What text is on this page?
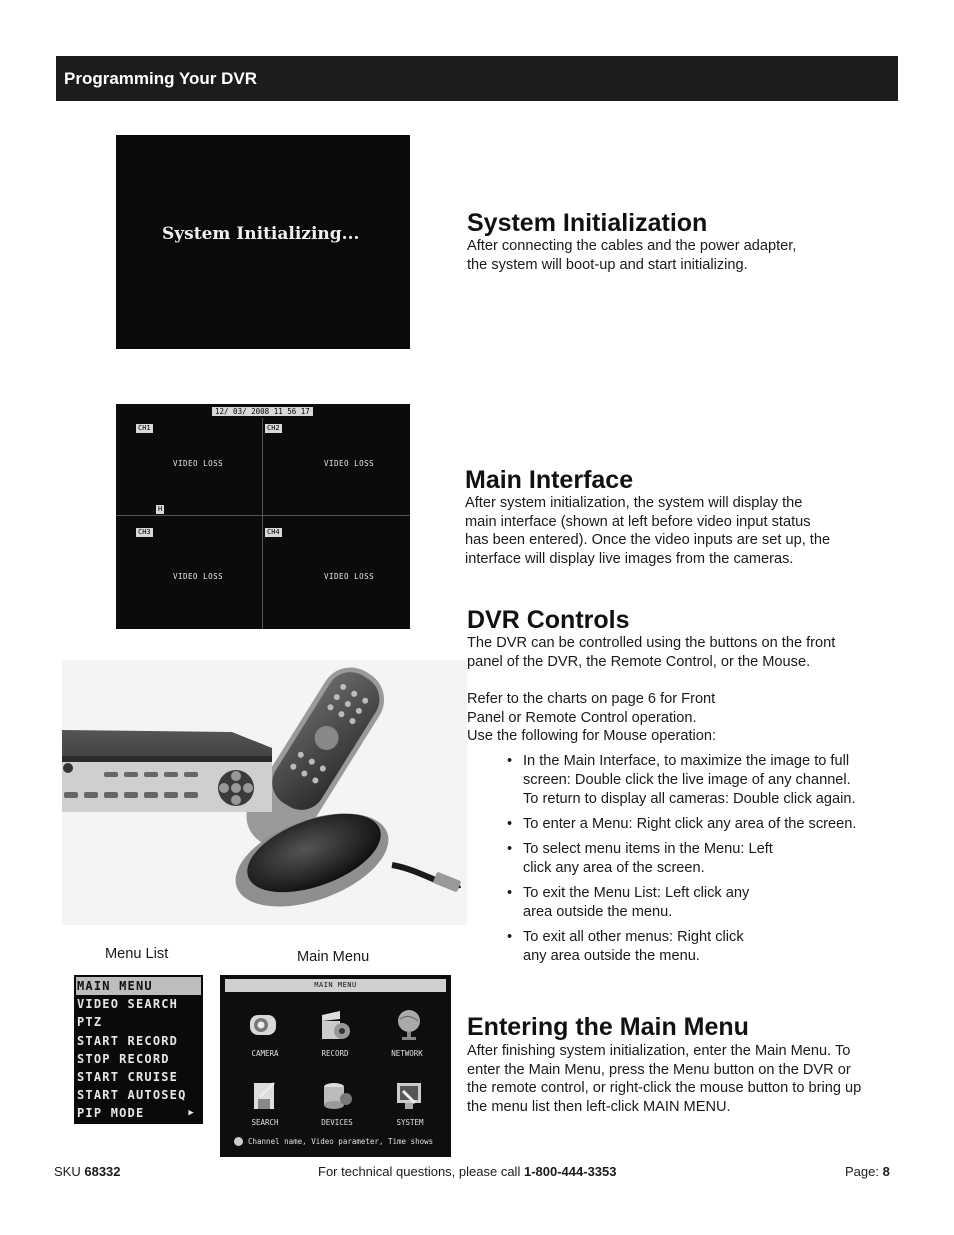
Programming Your DVR
System Initializing...	System Initialization

After connecting the cables and the power adapter,
the system will boot-up and start initializing.

12/ 03/ 2008 11 56 17
CH1	CH2
CH3	CH4
VIDEO LOSS	VIDEO LOSS
VIDEO LOSS	VIDEO LOSS
H
Main Interface

After system initialization, the system will display the
main interface (shown at left before video input status
has been entered). Once the video inputs are set up, the
interface will display live images from the cameras.

DVR Controls

The DVR can be controlled using the buttons on the front
panel of the DVR, the Remote Control, or the Mouse.

Refer to the charts on page 6 for Front
Panel or Remote Control operation.
Use the following for Mouse operation:

• In the Main Interface, to maximize the image to full
screen: Double click the live image of any channel.
To return to display all cameras: Double click again.
• To enter a Menu: Right click any area of the screen.
• To select menu items in the Menu: Left
click any area of the screen.
• To exit the Menu List: Left click any
area outside the menu.
• To exit all other menus: Right click
any area outside the menu.
Menu List	Main Menu
MAIN MENU
VIDEO SEARCH
PTZ
START RECORD
STOP RECORD
START CRUISE
START AUTOSEQ
PIP MODE	▶
MAIN MENU
CAMERA	RECORD	NETWORK
SEARCH	DEVICES	SYSTEM
Channel name, Video parameter, Time shows
Entering the Main Menu

After finishing system initialization, enter the Main Menu. To
enter the Main Menu, press the Menu button on the DVR or
the remote control, or right-click the mouse button to bring up
the menu list then left-click MAIN MENU.

SKU 68332	For technical questions, please call 1-800-444-3353	Page: 8
